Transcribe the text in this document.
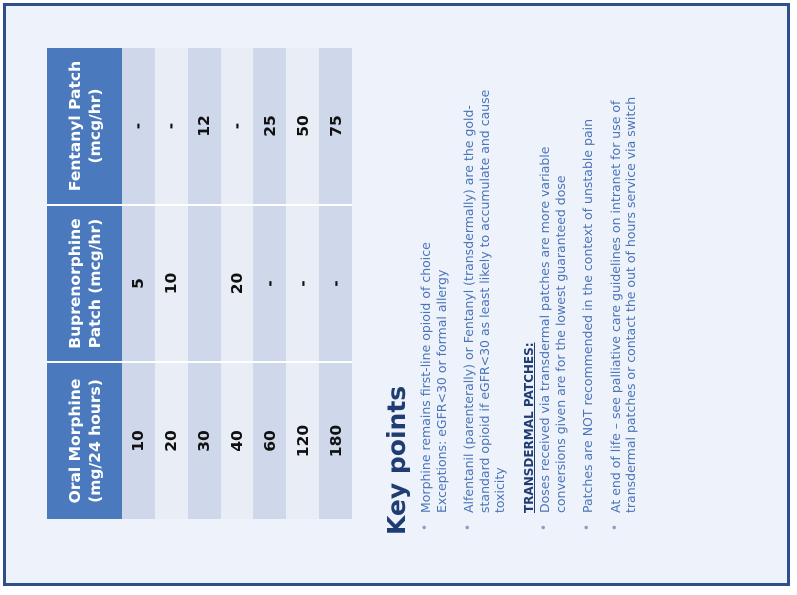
Oral Morphine (mg/24 hours)	Buprenorphine Patch (mcg/hr)	Fentanyl Patch (mcg/hr)
10	5	-
20	10	-
30		12
40	20	-
60	-	25
120	-	50
180	-	75
Key points •
Morphine remains first-line opioid of choice Exceptions: eGFR<30 or formal allergy
•
Alfentanil (parenterally) or Fentanyl (transdermally) are the gold- standard opioid if eGFR<30 as least likely to accumulate and cause toxicity TRANSDERMAL PATCHES:
•
Doses received via transdermal patches are more variable conversions given are for the lowest guaranteed dose
•
Patches are NOT recommended in the context of unstable pain
•
At end of life – see palliative care guidelines on intranet for use of transdermal patches or contact the out of hours service via switch
